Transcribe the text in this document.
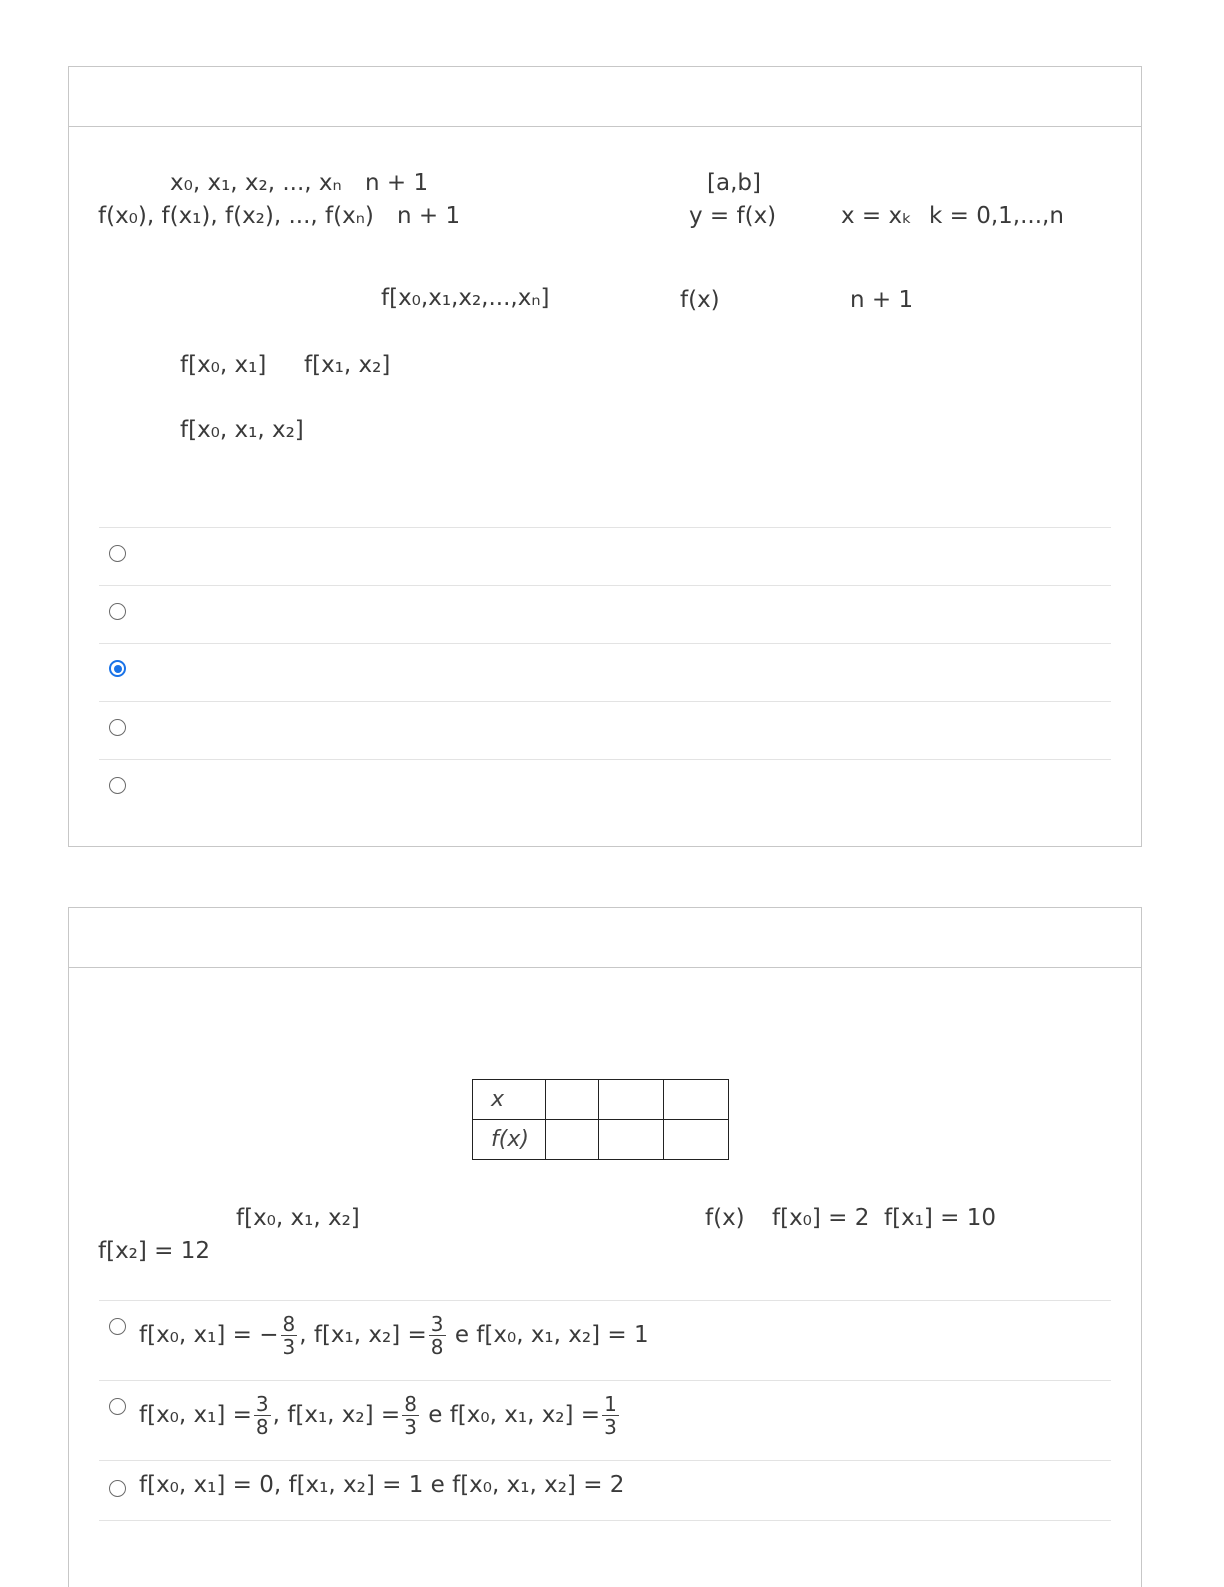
x₀, x₁, x₂, ..., xₙ n + 1
f(x₀), f(x₁), f(x₂), ..., f(xₙ) n + 1
[a,b]
y = f(x)	x = xₖ k = 0,1,...,n
f[x₀,x₁,x₂,...,xₙ]	f(x)	n + 1
f[x₀, x₁] f[x₁, x₂]
f[x₀, x₁, x₂]
x			
f(x)			
f[x₀, x₁, x₂]	f(x) f[x₀] = 2 f[x₁] = 10
f[x₂] = 12
f[x₀, x₁] = − $\frac{8}{3}$ , f[x₁, $x_2] = \frac{3}{8}$ e f[x₀, x₁, x₂] = 1
f[x₀, $x_1] = \frac{3}{8}$ , f[x₁, $x_2] = \frac{8}{3}$ e f[x₀, x₁, $x_2] = \frac{1}{3}$
f[x₀, x₁] = 0, f[x₁, x₂] = 1 e f[x₀, x₁, x₂] = 2
